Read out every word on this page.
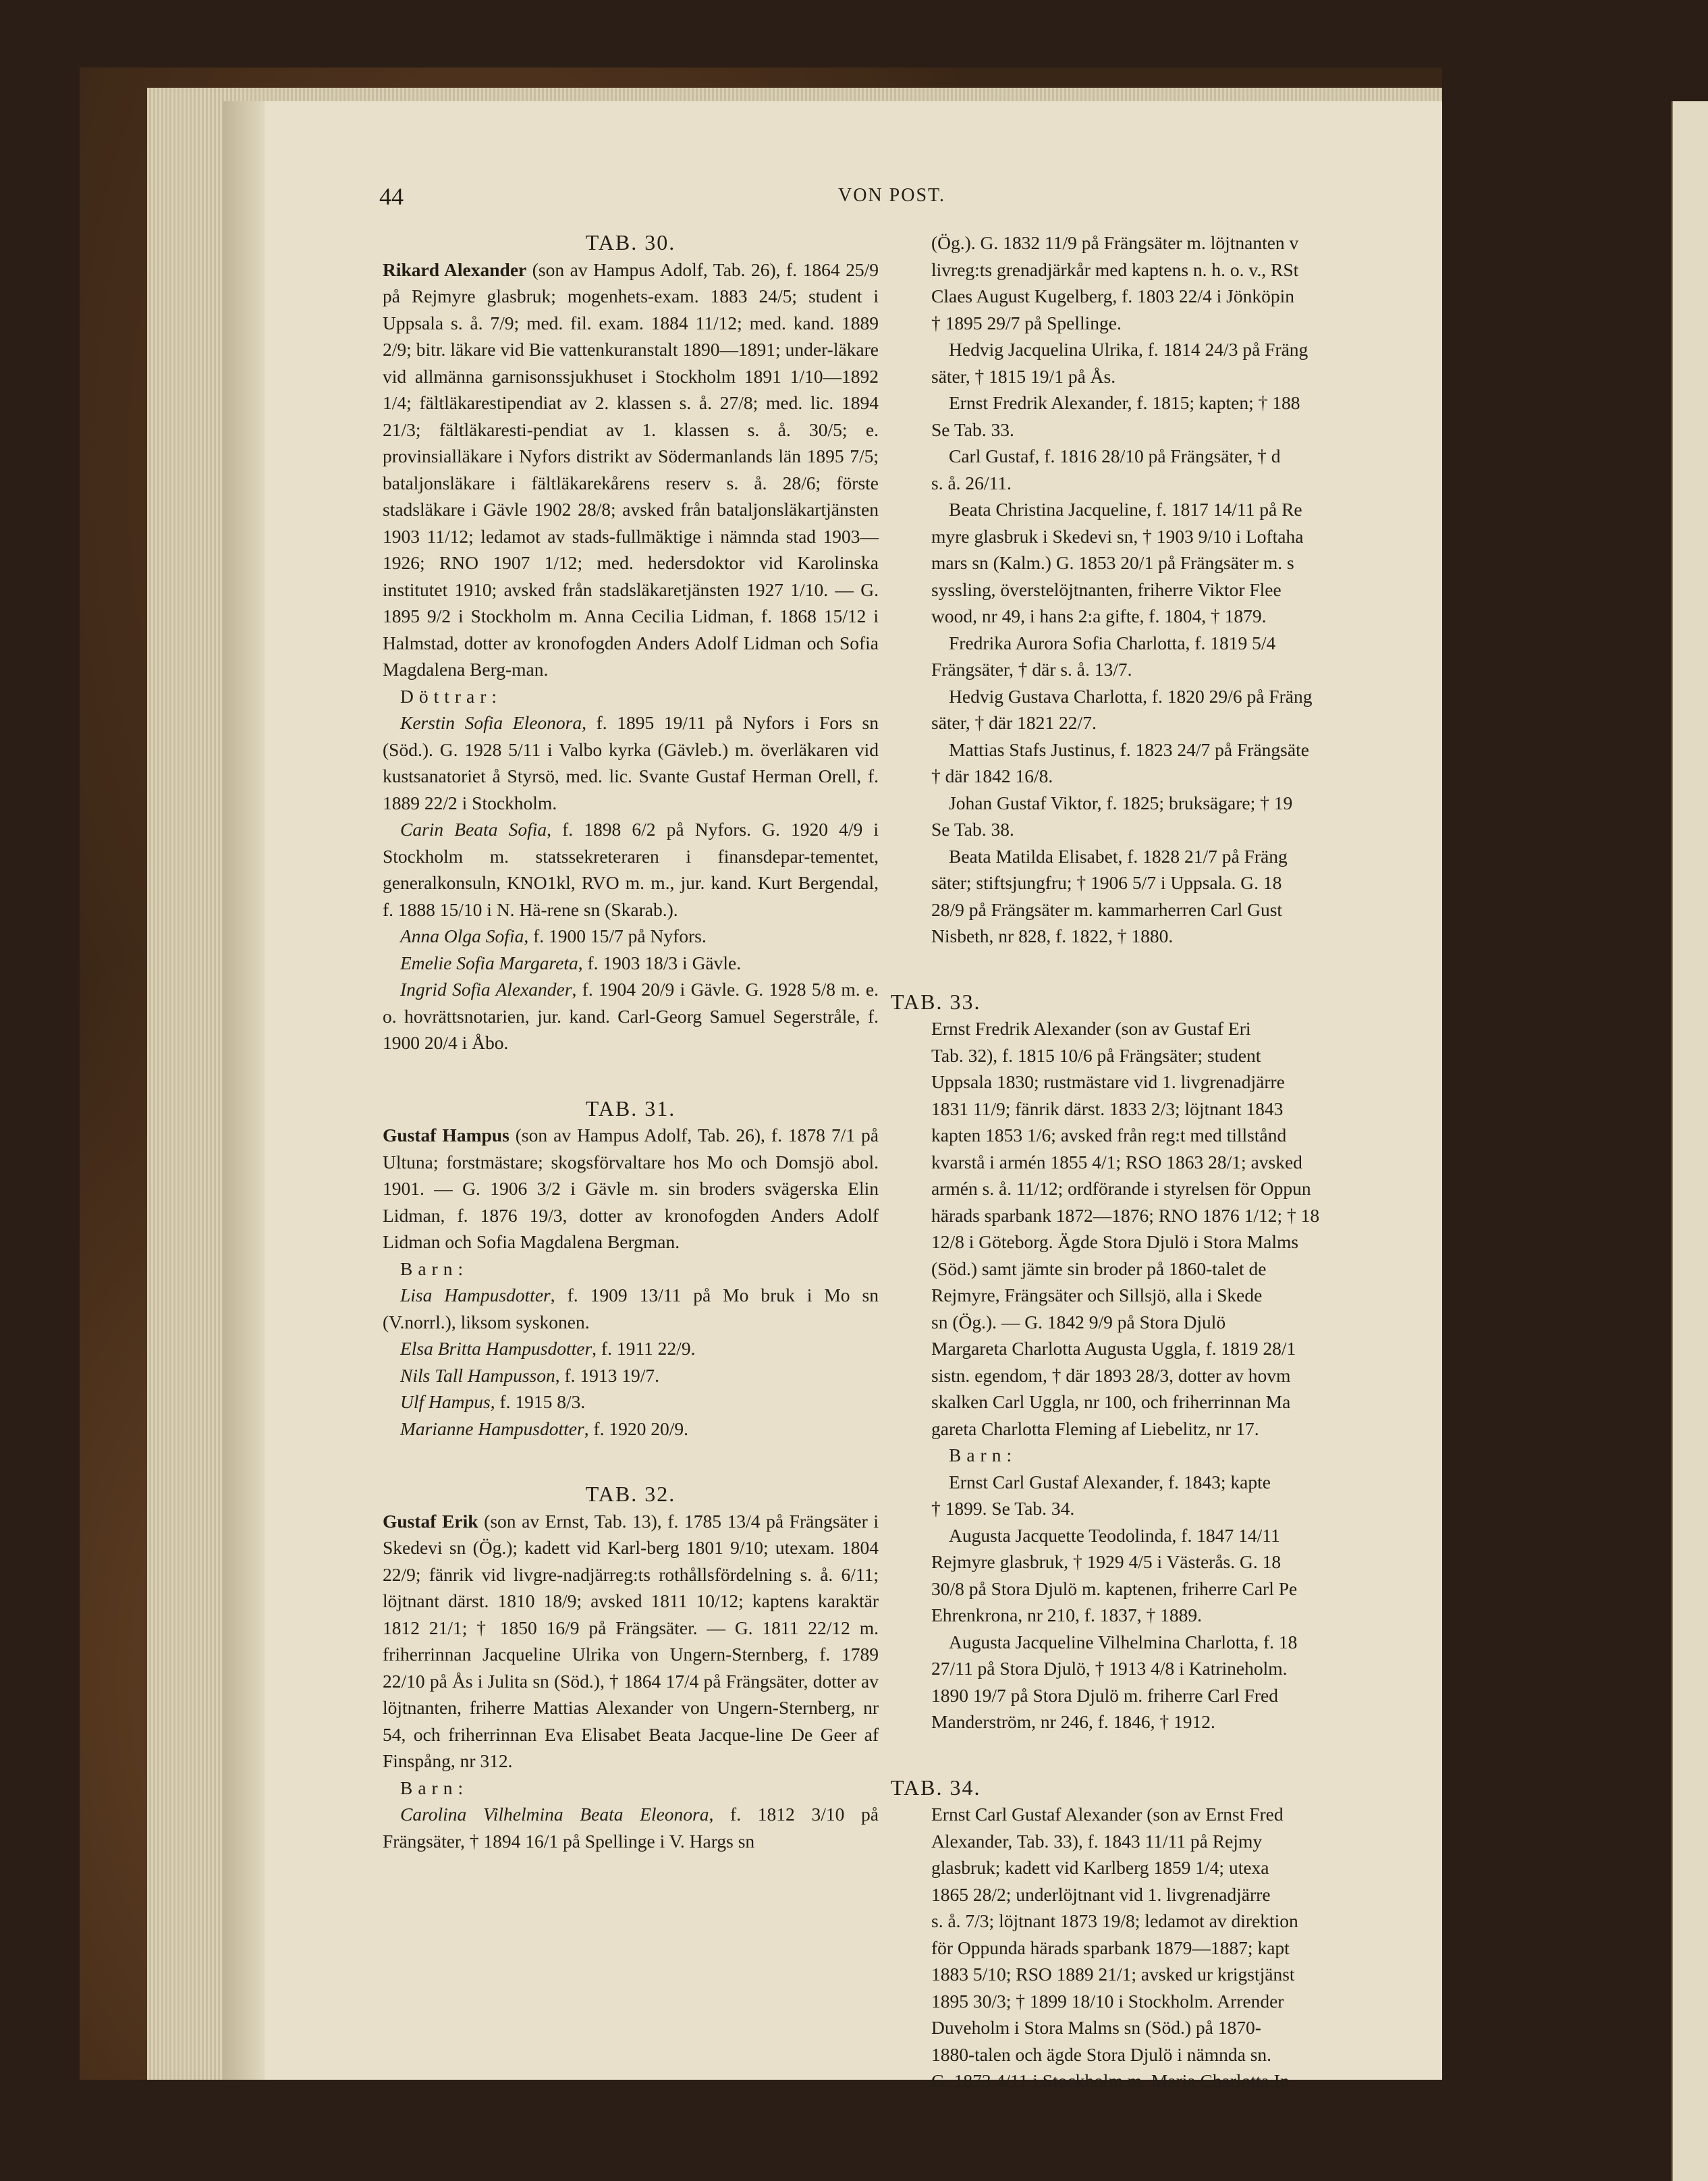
44	VON POST.

TAB. 30.

Rikard Alexander (son av Hampus Adolf, Tab. 26), f. 1864 25/9 på Rejmyre glasbruk; mogenhets-exam. 1883 24/5; student i Uppsala s. å. 7/9; med. fil. exam. 1884 11/12; med. kand. 1889 2/9; bitr. läkare vid Bie vattenkuranstalt 1890—1891; under-läkare vid allmänna garnisonssjukhuset i Stockholm 1891 1/10—1892 1/4; fältläkarestipendiat av 2. klassen s. å. 27/8; med. lic. 1894 21/3; fältläkaresti-pendiat av 1. klassen s. å. 30/5; e. provinsialläkare i Nyfors distrikt av Södermanlands län 1895 7/5; bataljonsläkare i fältläkarekårens reserv s. å. 28/6; förste stadsläkare i Gävle 1902 28/8; avsked från bataljonsläkartjänsten 1903 11/12; ledamot av stads-fullmäktige i nämnda stad 1903—1926; RNO 1907 1/12; med. hedersdoktor vid Karolinska institutet 1910; avsked från stadsläkaretjänsten 1927 1/10. — G. 1895 9/2 i Stockholm m. Anna Cecilia Lidman, f. 1868 15/12 i Halmstad, dotter av kronofogden Anders Adolf Lidman och Sofia Magdalena Berg-man.

Döttrar:

Kerstin Sofia Eleonora, f. 1895 19/11 på Nyfors i Fors sn (Söd.). G. 1928 5/11 i Valbo kyrka (Gävleb.) m. överläkaren vid kustsanatoriet å Styrsö, med. lic. Svante Gustaf Herman Orell, f. 1889 22/2 i Stockholm.

Carin Beata Sofia, f. 1898 6/2 på Nyfors. G. 1920 4/9 i Stockholm m. statssekreteraren i finansdepar-tementet, generalkonsuln, KNO1kl, RVO m. m., jur. kand. Kurt Bergendal, f. 1888 15/10 i N. Hä-rene sn (Skarab.).

Anna Olga Sofia, f. 1900 15/7 på Nyfors.

Emelie Sofia Margareta, f. 1903 18/3 i Gävle.

Ingrid Sofia Alexander, f. 1904 20/9 i Gävle. G. 1928 5/8 m. e. o. hovrättsnotarien, jur. kand. Carl-Georg Samuel Segerstråle, f. 1900 20/4 i Åbo.

TAB. 31.

Gustaf Hampus (son av Hampus Adolf, Tab. 26), f. 1878 7/1 på Ultuna; forstmästare; skogsförvaltare hos Mo och Domsjö abol. 1901. — G. 1906 3/2 i Gävle m. sin broders svägerska Elin Lidman, f. 1876 19/3, dotter av kronofogden Anders Adolf Lidman och Sofia Magdalena Bergman.

Barn:

Lisa Hampusdotter, f. 1909 13/11 på Mo bruk i Mo sn (V.norrl.), liksom syskonen.

Elsa Britta Hampusdotter, f. 1911 22/9.

Nils Tall Hampusson, f. 1913 19/7.

Ulf Hampus, f. 1915 8/3.

Marianne Hampusdotter, f. 1920 20/9.

TAB. 32.

Gustaf Erik (son av Ernst, Tab. 13), f. 1785 13/4 på Frängsäter i Skedevi sn (Ög.); kadett vid Karl-berg 1801 9/10; utexam. 1804 22/9; fänrik vid livgre-nadjärreg:ts rothållsfördelning s. å. 6/11; löjtnant därst. 1810 18/9; avsked 1811 10/12; kaptens karaktär 1812 21/1; † 1850 16/9 på Frängsäter. — G. 1811 22/12 m. friherrinnan Jacqueline Ulrika von Ungern-Sternberg, f. 1789 22/10 på Ås i Julita sn (Söd.), † 1864 17/4 på Frängsäter, dotter av löjtnanten, friherre Mattias Alexander von Ungern-Sternberg, nr 54, och friherrinnan Eva Elisabet Beata Jacque-line De Geer af Finspång, nr 312.

Barn:

Carolina Vilhelmina Beata Eleonora, f. 1812 3/10 på Frängsäter, † 1894 16/1 på Spellinge i V. Hargs sn

(Ög.). G. 1832 11/9 på Frängsäter m. löjtnanten v

livreg:ts grenadjärkår med kaptens n. h. o. v., RSt

Claes August Kugelberg, f. 1803 22/4 i Jönköpin

† 1895 29/7 på Spellinge.

Hedvig Jacquelina Ulrika, f. 1814 24/3 på Fräng

säter, † 1815 19/1 på Ås.

Ernst Fredrik Alexander, f. 1815; kapten; † 188

Se Tab. 33.

Carl Gustaf, f. 1816 28/10 på Frängsäter, † d

s. å. 26/11.

Beata Christina Jacqueline, f. 1817 14/11 på Re

myre glasbruk i Skedevi sn, † 1903 9/10 i Loftaha

mars sn (Kalm.) G. 1853 20/1 på Frängsäter m. s

syssling, överstelöjtnanten, friherre Viktor Flee

wood, nr 49, i hans 2:a gifte, f. 1804, † 1879.

Fredrika Aurora Sofia Charlotta, f. 1819 5/4

Frängsäter, † där s. å. 13/7.

Hedvig Gustava Charlotta, f. 1820 29/6 på Fräng

säter, † där 1821 22/7.

Mattias Stafs Justinus, f. 1823 24/7 på Frängsäte

† där 1842 16/8.

Johan Gustaf Viktor, f. 1825; bruksägare; † 19

Se Tab. 38.

Beata Matilda Elisabet, f. 1828 21/7 på Fräng

säter; stiftsjungfru; † 1906 5/7 i Uppsala. G. 18

28/9 på Frängsäter m. kammarherren Carl Gust

Nisbeth, nr 828, f. 1822, † 1880.

TAB. 33.

Ernst Fredrik Alexander (son av Gustaf Eri

Tab. 32), f. 1815 10/6 på Frängsäter; student

Uppsala 1830; rustmästare vid 1. livgrenadjärre

1831 11/9; fänrik därst. 1833 2/3; löjtnant 1843

kapten 1853 1/6; avsked från reg:t med tillstånd

kvarstå i armén 1855 4/1; RSO 1863 28/1; avsked

armén s. å. 11/12; ordförande i styrelsen för Oppun

härads sparbank 1872—1876; RNO 1876 1/12; † 18

12/8 i Göteborg. Ägde Stora Djulö i Stora Malms

(Söd.) samt jämte sin broder på 1860-talet de

Rejmyre, Frängsäter och Sillsjö, alla i Skede

sn (Ög.). — G. 1842 9/9 på Stora Djulö

Margareta Charlotta Augusta Uggla, f. 1819 28/1

sistn. egendom, † där 1893 28/3, dotter av hovm

skalken Carl Uggla, nr 100, och friherrinnan Ma

gareta Charlotta Fleming af Liebelitz, nr 17.

Barn:

Ernst Carl Gustaf Alexander, f. 1843; kapte

† 1899. Se Tab. 34.

Augusta Jacquette Teodolinda, f. 1847 14/11

Rejmyre glasbruk, † 1929 4/5 i Västerås. G. 18

30/8 på Stora Djulö m. kaptenen, friherre Carl Pe

Ehrenkrona, nr 210, f. 1837, † 1889.

Augusta Jacqueline Vilhelmina Charlotta, f. 18

27/11 på Stora Djulö, † 1913 4/8 i Katrineholm.

1890 19/7 på Stora Djulö m. friherre Carl Fred

Manderström, nr 246, f. 1846, † 1912.

TAB. 34.

Ernst Carl Gustaf Alexander (son av Ernst Fred

Alexander, Tab. 33), f. 1843 11/11 på Rejmy

glasbruk; kadett vid Karlberg 1859 1/4; utexa

1865 28/2; underlöjtnant vid 1. livgrenadjärre

s. å. 7/3; löjtnant 1873 19/8; ledamot av direktion

för Oppunda härads sparbank 1879—1887; kapt

1883 5/10; RSO 1889 21/1; avsked ur krigstjänst

1895 30/3; † 1899 18/10 i Stockholm. Arrender

Duveholm i Stora Malms sn (Söd.) på 1870-

1880-talen och ägde Stora Djulö i nämnda sn.

G. 1873 4/11 i Stockholm m. Maria Charlotta In
